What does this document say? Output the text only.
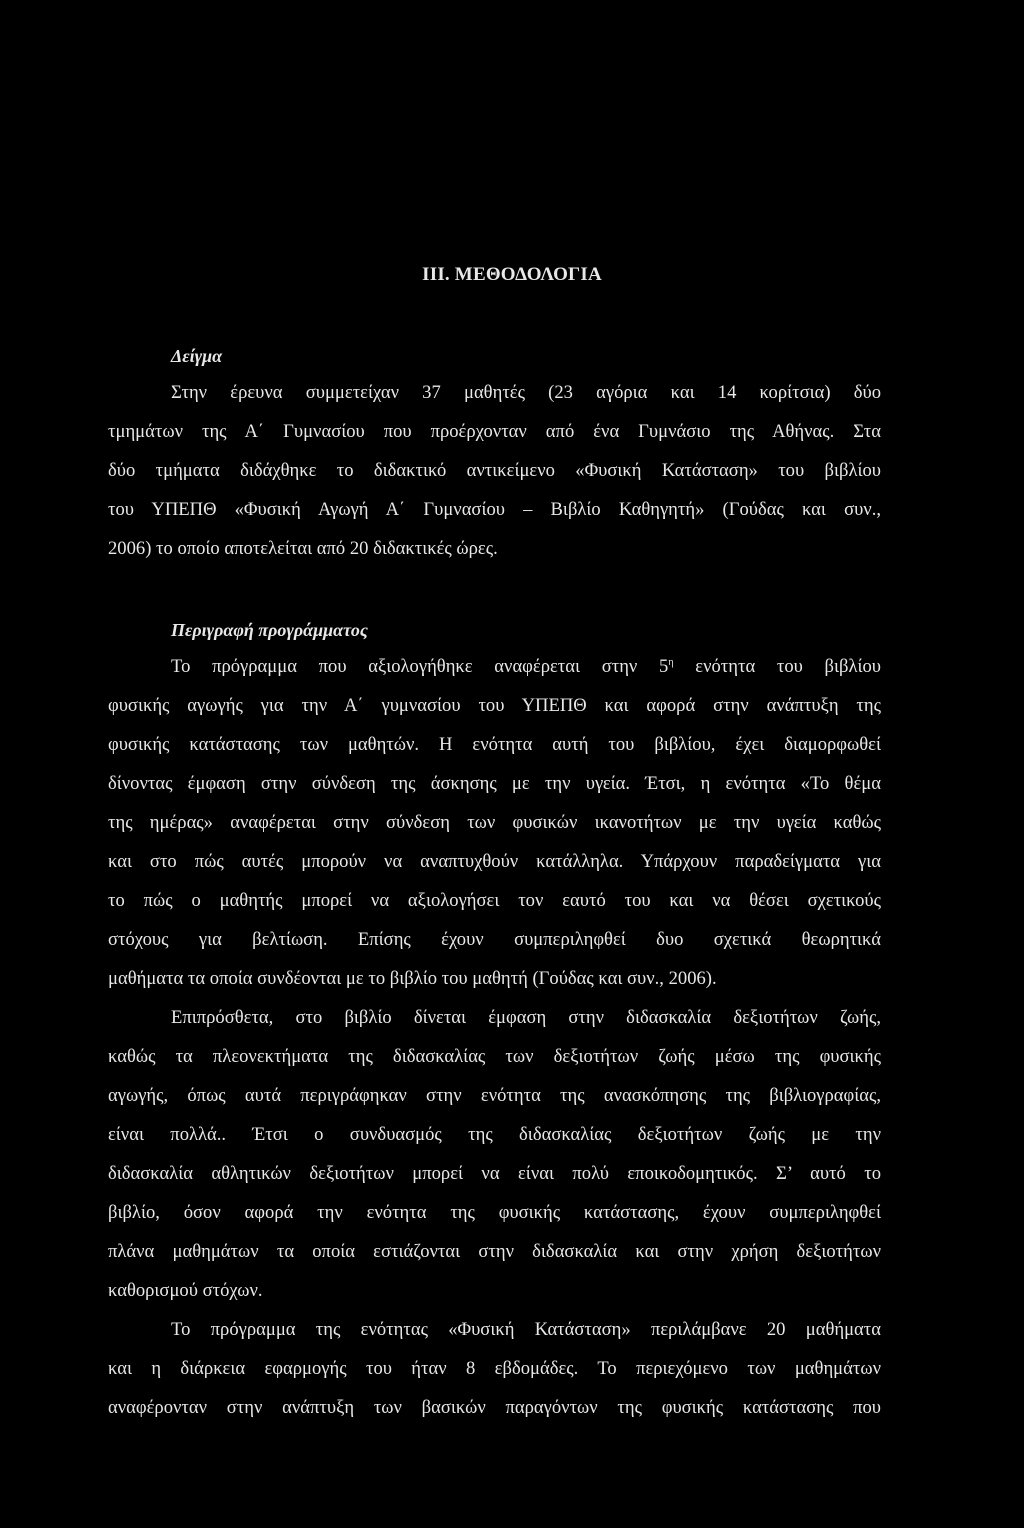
III. ΜΕΘΟΔΟΛΟΓΙΑ
Δείγμα
Στην έρευνα συμμετείχαν 37 μαθητές (23 αγόρια και 14 κορίτσια) δύο
τμημάτων της Α΄ Γυμνασίου που προέρχονταν από ένα Γυμνάσιο της Αθήνας. Στα
δύο τμήματα διδάχθηκε το διδακτικό αντικείμενο «Φυσική Κατάσταση» του βιβλίου
του ΥΠΕΠΘ «Φυσική Αγωγή Α΄ Γυμνασίου – Βιβλίο Καθηγητή» (Γούδας και συν.,
2006) το οποίο αποτελείται από 20 διδακτικές ώρες.
Περιγραφή προγράμματος
Το πρόγραμμα που αξιολογήθηκε αναφέρεται στην $5^\eta$ ενότητα του βιβλίου
φυσικής αγωγής για την Α΄ γυμνασίου του ΥΠΕΠΘ και αφορά στην ανάπτυξη της
φυσικής κατάστασης των μαθητών. Η ενότητα αυτή του βιβλίου, έχει διαμορφωθεί
δίνοντας έμφαση στην σύνδεση της άσκησης με την υγεία. Έτσι, η ενότητα «Το θέμα
της ημέρας» αναφέρεται στην σύνδεση των φυσικών ικανοτήτων με την υγεία καθώς
και στο πώς αυτές μπορούν να αναπτυχθούν κατάλληλα. Υπάρχουν παραδείγματα για
το πώς ο μαθητής μπορεί να αξιολογήσει τον εαυτό του και να θέσει σχετικούς
στόχους για βελτίωση. Επίσης έχουν συμπεριληφθεί δυο σχετικά θεωρητικά
μαθήματα τα οποία συνδέονται με το βιβλίο του μαθητή (Γούδας και συν., 2006).
Επιπρόσθετα, στο βιβλίο δίνεται έμφαση στην διδασκαλία δεξιοτήτων ζωής,
καθώς τα πλεονεκτήματα της διδασκαλίας των δεξιοτήτων ζωής μέσω της φυσικής
αγωγής, όπως αυτά περιγράφηκαν στην ενότητα της ανασκόπησης της βιβλιογραφίας,
είναι πολλά.. Έτσι ο συνδυασμός της διδασκαλίας δεξιοτήτων ζωής με την
διδασκαλία αθλητικών δεξιοτήτων μπορεί να είναι πολύ εποικοδομητικός. Σ’ αυτό το
βιβλίο, όσον αφορά την ενότητα της φυσικής κατάστασης, έχουν συμπεριληφθεί
πλάνα μαθημάτων τα οποία εστιάζονται στην διδασκαλία και στην χρήση δεξιοτήτων
καθορισμού στόχων.
Το πρόγραμμα της ενότητας «Φυσική Κατάσταση» περιλάμβανε 20 μαθήματα
και η διάρκεια εφαρμογής του ήταν 8 εβδομάδες. Το περιεχόμενο των μαθημάτων
αναφέρονταν στην ανάπτυξη των βασικών παραγόντων της φυσικής κατάστασης που
